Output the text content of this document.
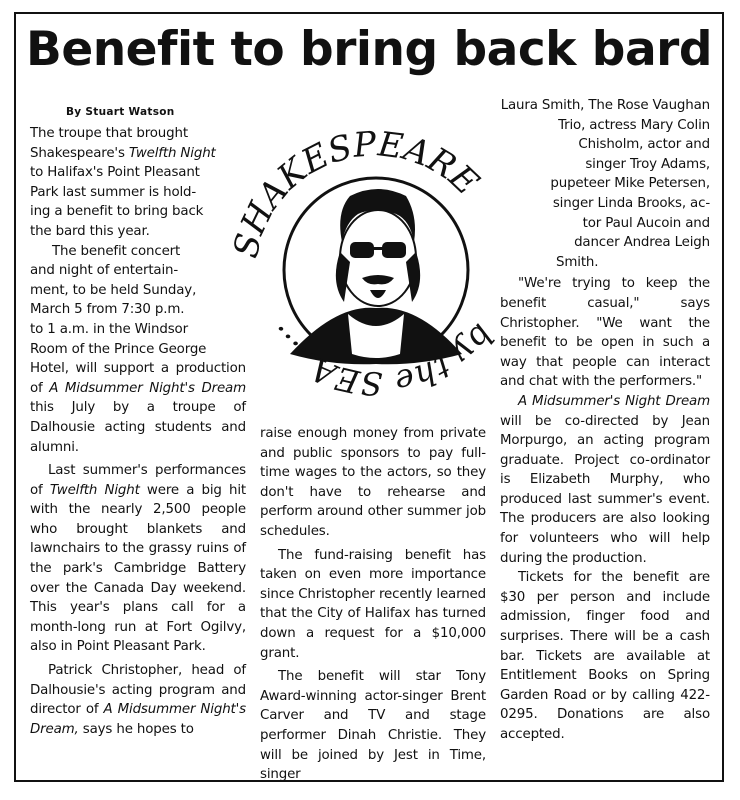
Benefit to bring back bard
By Stuart Watson
The troupe that brought
Shakespeare's Twelfth Night
to Halifax's Point Pleasant
Park last summer is hold-
ing a benefit to bring back
the bard this year.
The benefit concert
and night of entertain-
ment, to be held Sunday,
March 5 from 7:30 p.m.
to 1 a.m. in the Windsor
Room of the Prince George

Hotel, will support a production of A Midsummer Night's Dream this July by a troupe of Dalhousie acting students and alumni.

Last summer's performances of Twelfth Night were a big hit with the nearly 2,500 people who brought blankets and lawnchairs to the grassy ruins of the park's Cambridge Battery over the Canada Day weekend. This year's plans call for a month-long run at Fort Ogilvy, also in Point Pleasant Park.

Patrick Christopher, head of Dalhousie's acting program and director of A Midsummer Night's Dream, says he hopes to

SHAKESPEARE
by the SEA.....

raise enough money from private and public sponsors to pay full-time wages to the actors, so they don't have to rehearse and perform around other summer job schedules.

The fund-raising benefit has taken on even more importance since Christopher recently learned that the City of Halifax has turned down a request for a $10,000 grant.

The benefit will star Tony Award-winning actor-singer Brent Carver and TV and stage performer Dinah Christie. They will be joined by Jest in Time, singer

Laura Smith, The Rose Vaughan

Trio, actress Mary Colin

Chisholm, actor and

singer Troy Adams,

pupeteer Mike Petersen,

singer Linda Brooks, ac-

tor Paul Aucoin and

dancer Andrea Leigh

Smith.

"We're trying to keep the benefit casual," says Christopher. "We want the benefit to be open in such a way that people can interact and chat with the performers."

A Midsummer's Night Dream will be co-directed by Jean Morpurgo, an acting program graduate. Project co-ordinator is Elizabeth Murphy, who produced last summer's event. The producers are also looking for volunteers who will help during the production.

Tickets for the benefit are $30 per person and include admission, finger food and surprises. There will be a cash bar. Tickets are available at Entitlement Books on Spring Garden Road or by calling 422-0295. Donations are also accepted.
